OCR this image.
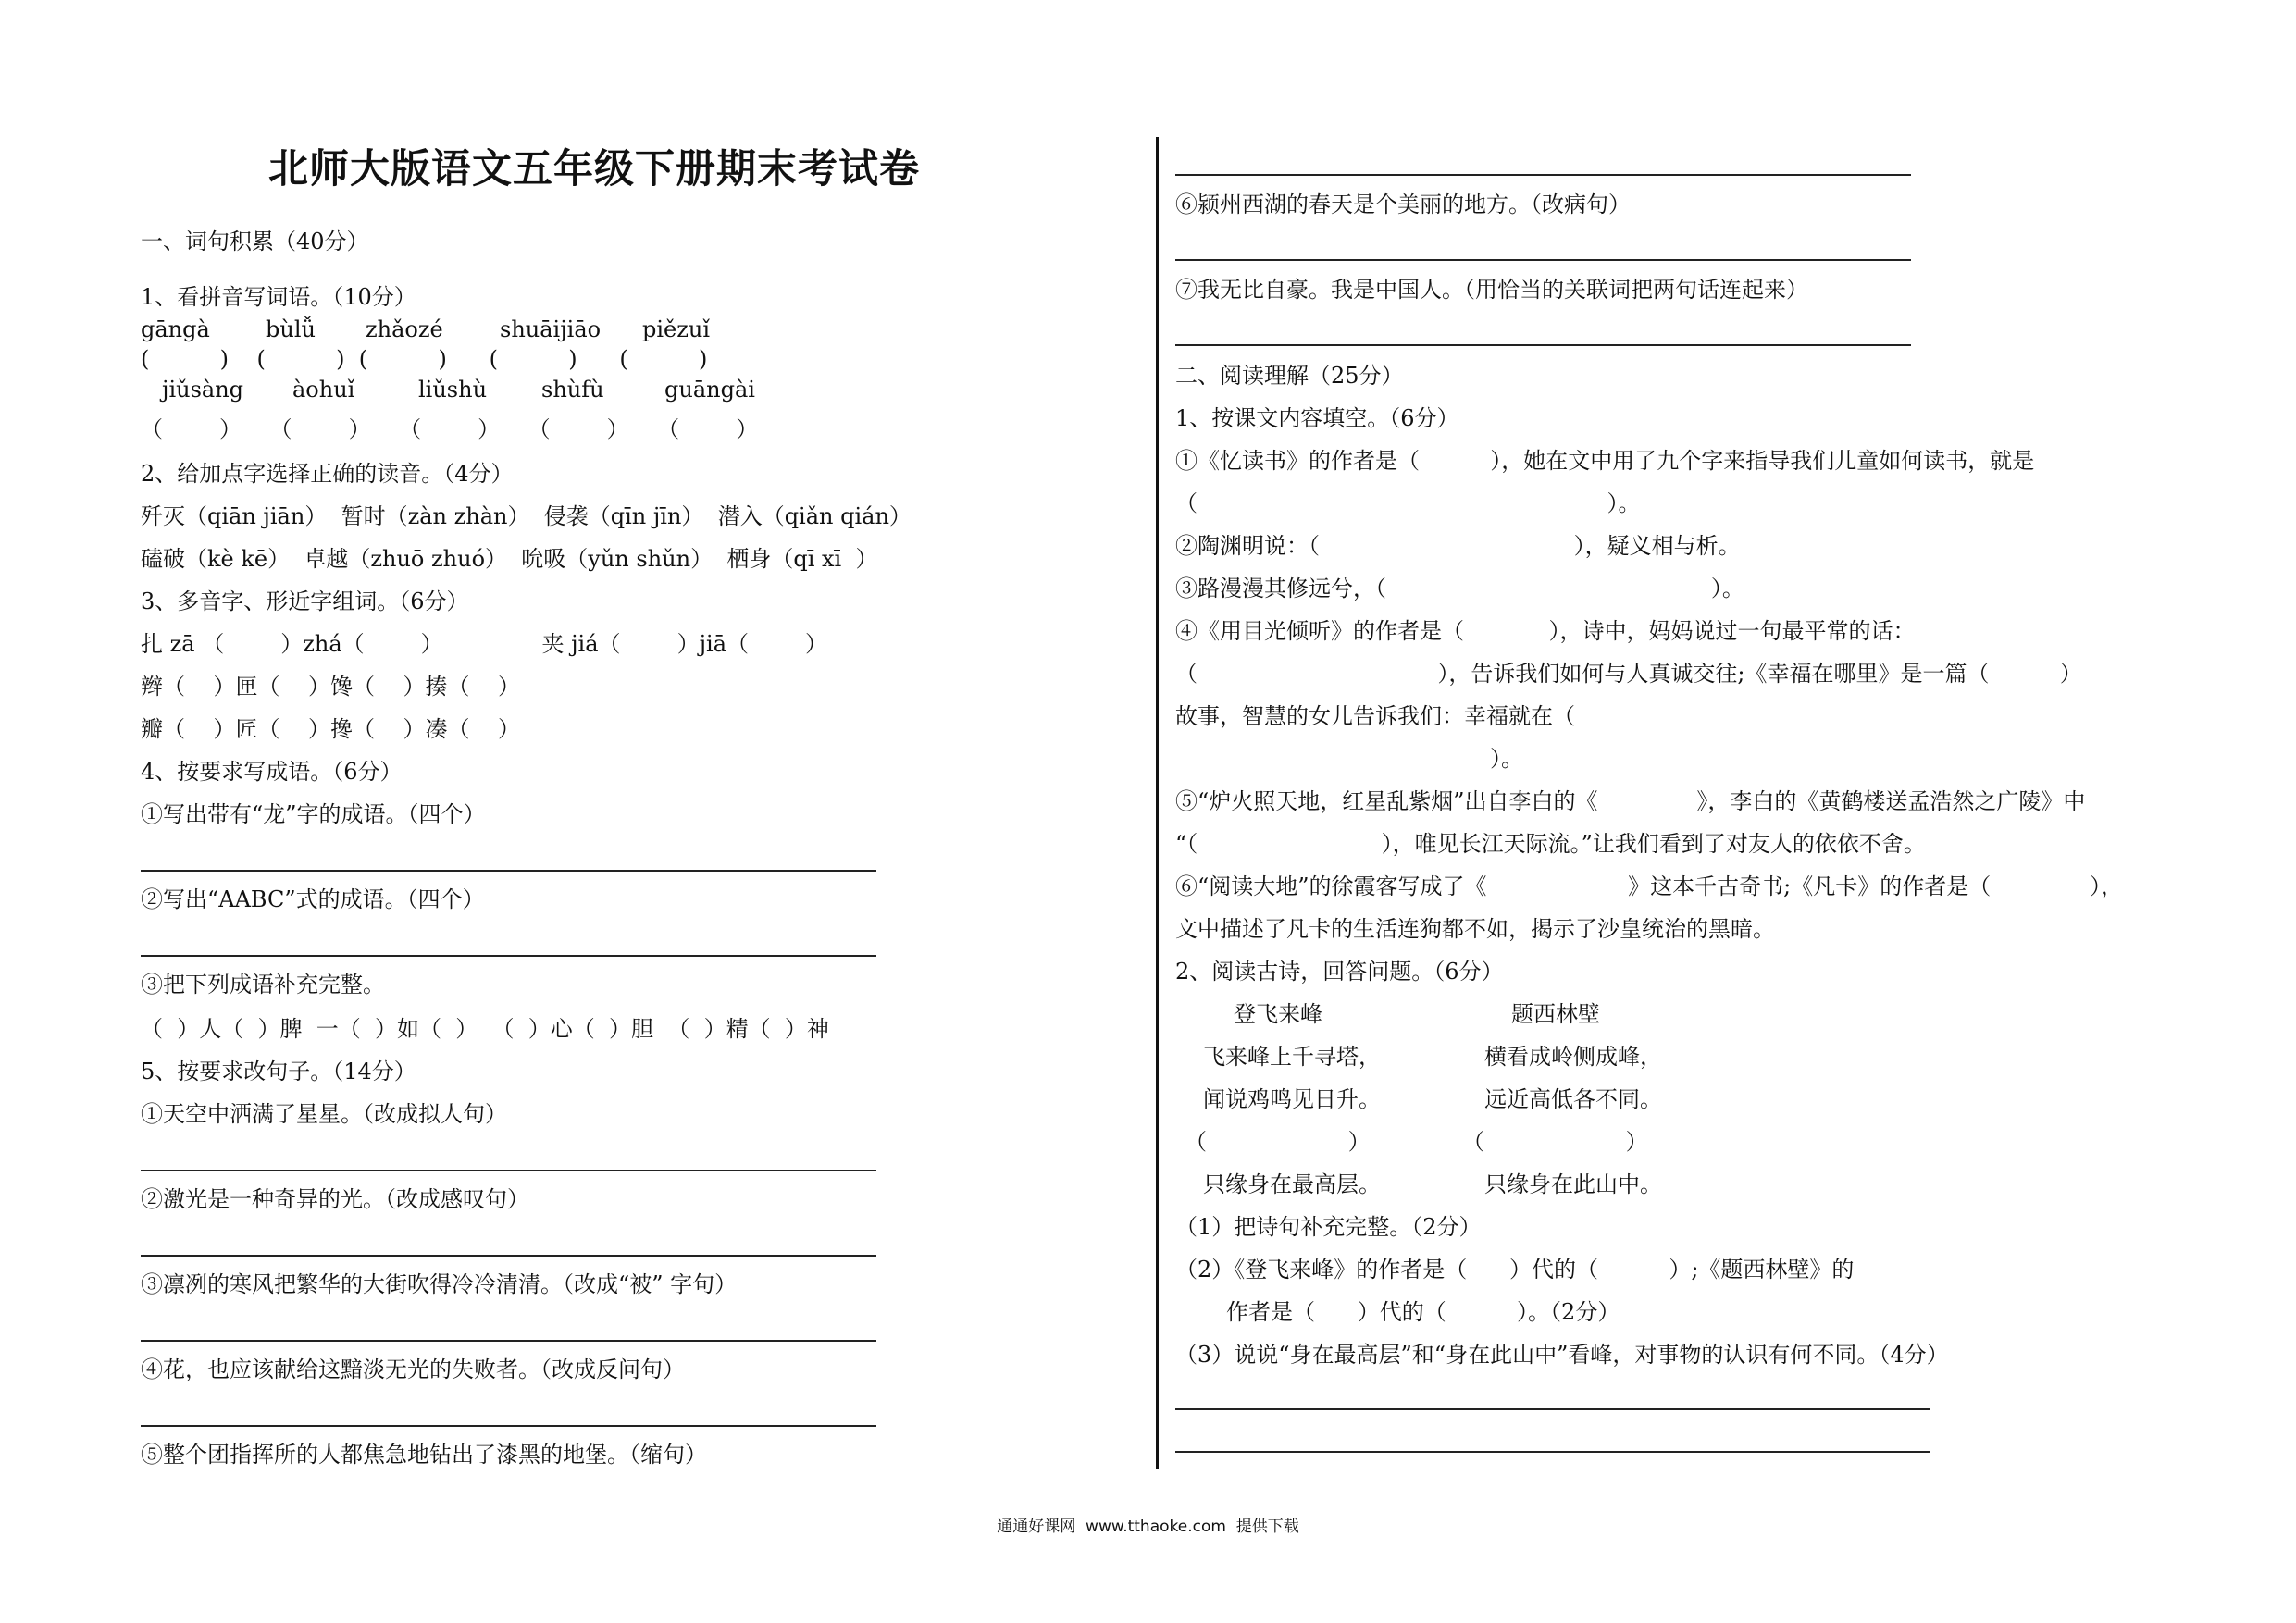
北师大版语文五年级下册期末考试卷
一、词句积累（40分）
1、看拼音写词语。（10分）
gāngà	bùlǚ zhǎozé	shuāijiāo piězuǐ
(          )    (          )  (          )      (          )      (          )
jiǔsàng àohuǐ	liǔshù shùfù	guāngài
（        ）    （        ）    （        ）    （        ）    （        ）
2、给加点字选择正确的读音。（4分）
歼灭（qiān jiān）  暂时（zàn zhàn）  侵袭（qīn jīn）  潜入（qiǎn qián）
磕破（kè kē）  卓越（zhuō zhuó）  吮吸（yǔn shǔn）  栖身（qī xī  ）
3、多音字、形近字组词。（6分）
扎 zā （        ）zhá（        ）              夹 jiá（        ）jiā（        ）
辫（    ）匣（    ）馋（    ）揍（    ）
瓣（    ）匠（    ）搀（    ）凑（    ）
4、按要求写成语。（6分）
①写出带有“龙”字的成语。（四个）
②写出“AABC”式的成语。（四个）
③把下列成语补充完整。
（  ）人（  ）脾  一（  ）如（  ）  （  ）心（  ）胆  （  ）精（  ）神
5、按要求改句子。（14分）
①天空中洒满了星星。（改成拟人句）
②激光是一种奇异的光。（改成感叹句）
③凛冽的寒风把繁华的大街吹得冷冷清清。（改成“被” 字句）
④花，也应该献给这黯淡无光的失败者。（改成反问句）
⑤整个团指挥所的人都焦急地钻出了漆黑的地堡。（缩句）
⑥颍州西湖的春天是个美丽的地方。（改病句）
⑦我无比自豪。我是中国人。（用恰当的关联词把两句话连起来）
二、阅读理解（25分）
1、按课文内容填空。（6分）
①《忆读书》的作者是（          ），她在文中用了九个字来指导我们儿童如何读书，就是
（                                                          ）。
②陶渊明说：（                                    ），疑义相与析。
③路漫漫其修远兮，（                                              ）。
④《用目光倾听》的作者是（            ），诗中，妈妈说过一句最平常的话：
（                                  ），告诉我们如何与人真诚交往;《幸福在哪里》是一篇（          ）
故事，智慧的女儿告诉我们：幸福就在（
）。
⑤“炉火照天地，红星乱紫烟”出自李白的《              》，李白的《黄鹤楼送孟浩然之广陵》中
“（                          ），唯见长江天际流。”让我们看到了对友人的依依不舍。
⑥“阅读大地”的徐霞客写成了《                    》这本千古奇书;《凡卡》的作者是（              ），
文中描述了凡卡的生活连狗都不如，揭示了沙皇统治的黑暗。
2、阅读古诗，回答问题。（6分）
登飞来峰	题西林壁
飞来峰上千寻塔，	横看成岭侧成峰，
闻说鸡鸣见日升。	远近高低各不同。
（                    ）	（                    ）
只缘身在最高层。	只缘身在此山中。
（1）把诗句补充完整。（2分）
（2）《登飞来峰》的作者是（      ）代的（          ）;《题西林壁》的
作者是（      ）代的（          ）。（2分）
（3）说说“身在最高层”和“身在此山中”看峰，对事物的认识有何不同。（4分）
通通好课网  www.tthaoke.com  提供下载
